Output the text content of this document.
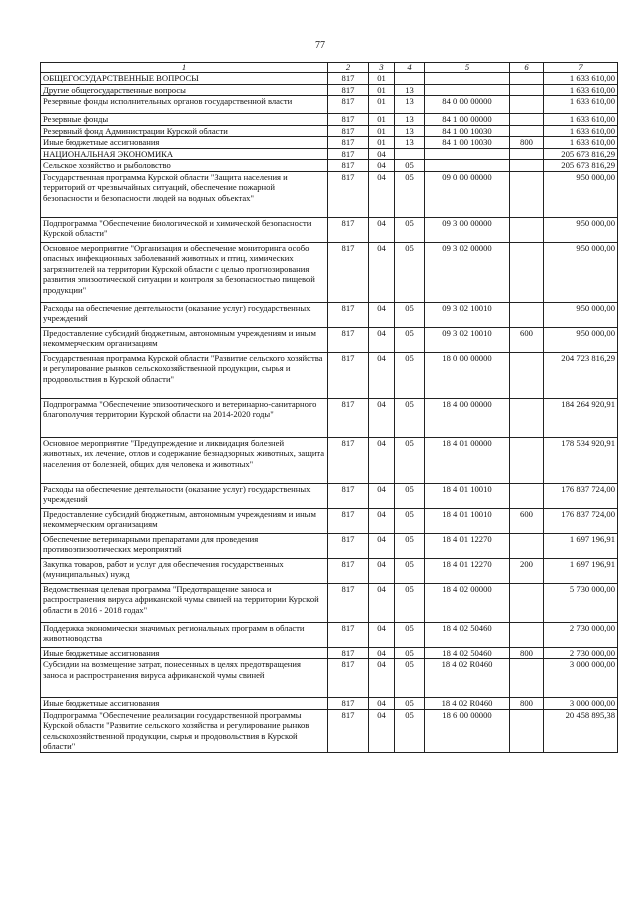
77
1	2	3	4	5	6	7
ОБЩЕГОСУДАРСТВЕННЫЕ ВОПРОСЫ	817	01				1 633 610,00
Другие общегосударственные вопросы	817	01	13			1 633 610,00
Резервные фонды исполнительных органов государственной власти	817	01	13	84 0 00 00000		1 633 610,00
Резервные фонды	817	01	13	84 1 00 00000		1 633 610,00
Резервный фонд Администрации Курской области	817	01	13	84 1 00 10030		1 633 610,00
Иные бюджетные ассигнования	817	01	13	84 1 00 10030	800	1 633 610,00
НАЦИОНАЛЬНАЯ ЭКОНОМИКА	817	04				205 673 816,29
Сельское хозяйство и рыболовство	817	04	05			205 673 816,29
Государственная программа Курской области "Защита населения и территорий от чрезвычайных ситуаций, обеспечение пожарной безопасности и безопасности людей на водных объектах"	817	04	05	09 0 00 00000		950 000,00
Подпрограмма "Обеспечение биологической и химической безопасности Курской области"	817	04	05	09 3 00 00000		950 000,00
Основное мероприятие "Организация и обеспечение мониторинга особо опасных инфекционных заболеваний животных и птиц, химических загрязнителей на территории Курской области с целью прогнозирования развития эпизоотической ситуации и контроля за безопасностью пищевой продукции"	817	04	05	09 3 02 00000		950 000,00
Расходы на обеспечение деятельности (оказание услуг) государственных учреждений	817	04	05	09 3 02 10010		950 000,00
Предоставление субсидий бюджетным, автономным учреждениям и иным некоммерческим организациям	817	04	05	09 3 02 10010	600	950 000,00
Государственная программа Курской области "Развитие сельского хозяйства и регулирование рынков сельскохозяйственной продукции, сырья и продовольствия в Курской области"	817	04	05	18 0 00 00000		204 723 816,29
Подпрограмма "Обеспечение эпизоотического и ветеринарно-санитарного благополучия территории Курской области на 2014-2020 годы"	817	04	05	18 4 00 00000		184 264 920,91
Основное мероприятие "Предупреждение и ликвидация болезней животных, их лечение, отлов и содержание безнадзорных животных, защита населения от болезней, общих для человека и животных"	817	04	05	18 4 01 00000		178 534 920,91
Расходы на обеспечение деятельности (оказание услуг) государственных учреждений	817	04	05	18 4 01 10010		176 837 724,00
Предоставление субсидий бюджетным, автономным учреждениям и иным некоммерческим организациям	817	04	05	18 4 01 10010	600	176 837 724,00
Обеспечение ветеринарными препаратами для проведения противоэпизоотических мероприятий	817	04	05	18 4 01 12270		1 697 196,91
Закупка товаров, работ и услуг для обеспечения государственных (муниципальных) нужд	817	04	05	18 4 01 12270	200	1 697 196,91
Ведомственная целевая программа "Предотвращение заноса и распространения вируса африканской чумы свиней на территории Курской области в 2016 - 2018 годах"	817	04	05	18 4 02 00000		5 730 000,00
Поддержка экономически значимых региональных программ в области животноводства	817	04	05	18 4 02 50460		2 730 000,00
Иные бюджетные ассигнования	817	04	05	18 4 02 50460	800	2 730 000,00
Субсидии на возмещение затрат, понесенных в целях предотвращения заноса и распространения вируса африканской чумы свиней	817	04	05	18 4 02 R0460		3 000 000,00
Иные бюджетные ассигнования	817	04	05	18 4 02 R0460	800	3 000 000,00
Подпрограмма "Обеспечение реализации государственной программы Курской области "Развитие сельского хозяйства и регулирование рынков сельскохозяйственной продукции, сырья и продовольствия в Курской области"	817	04	05	18 6 00 00000		20 458 895,38
